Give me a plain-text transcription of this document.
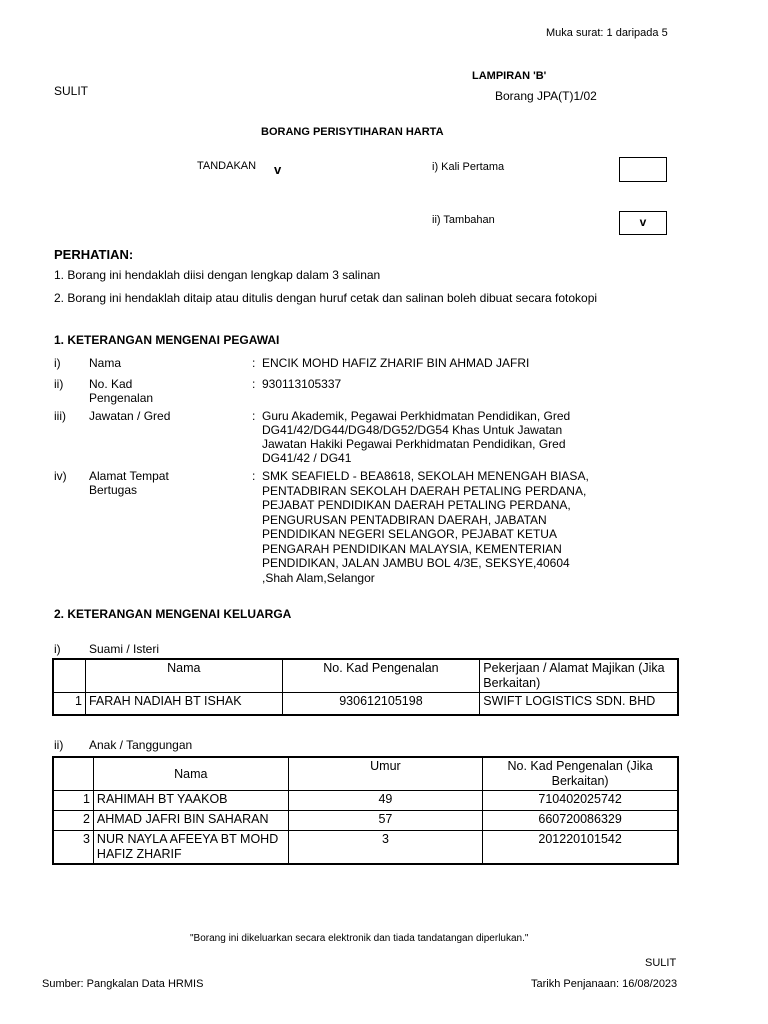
Muka surat: 1 daripada 5
LAMPIRAN 'B'
SULIT	Borang JPA(T)1/02
BORANG PERISYTIHARAN HARTA
TANDAKAN v	i) Kali Pertama
ii) Tambahan	v
PERHATIAN:
1. Borang ini hendaklah diisi dengan lengkap dalam 3 salinan
2. Borang ini hendaklah ditaip atau ditulis dengan huruf cetak dan salinan boleh dibuat secara fotokopi
1. KETERANGAN MENGENAI PEGAWAI
i) Nama	: ENCIK MOHD HAFIZ ZHARIF BIN AHMAD JAFRI
ii) No. Kad Pengenalan
: 930113105337
iii) Jawatan / Gred	: Guru Akademik, Pegawai Perkhidmatan Pendidikan, Gred DG41/42/DG44/DG48/DG52/DG54 Khas Untuk Jawatan Jawatan Hakiki Pegawai Perkhidmatan Pendidikan, Gred DG41/42 / DG41
iv) Alamat Tempat Bertugas
: SMK SEAFIELD - BEA8618, SEKOLAH MENENGAH BIASA, PENTADBIRAN SEKOLAH DAERAH PETALING PERDANA, PEJABAT PENDIDIKAN DAERAH PETALING PERDANA, PENGURUSAN PENTADBIRAN DAERAH, JABATAN PENDIDIKAN NEGERI SELANGOR, PEJABAT KETUA PENGARAH PENDIDIKAN MALAYSIA, KEMENTERIAN PENDIDIKAN, JALAN JAMBU BOL 4/3E, SEKSYE,40604 ,Shah Alam,Selangor
2. KETERANGAN MENGENAI KELUARGA
i) Suami / Isteri
	Nama	No. Kad Pengenalan	Pekerjaan / Alamat Majikan (Jika Berkaitan)
1	FARAH NADIAH BT ISHAK	930612105198	SWIFT LOGISTICS SDN. BHD
ii) Anak / Tanggungan
	Nama	Umur	No. Kad Pengenalan (Jika Berkaitan)
1	RAHIMAH BT YAAKOB	49	710402025742
2	AHMAD JAFRI BIN SAHARAN	57	660720086329
3	NUR NAYLA AFEEYA BT MOHD HAFIZ ZHARIF	3	201220101542
"Borang ini dikeluarkan secara elektronik dan tiada tandatangan diperlukan."
SULIT
Sumber: Pangkalan Data HRMIS	Tarikh Penjanaan: 16/08/2023
